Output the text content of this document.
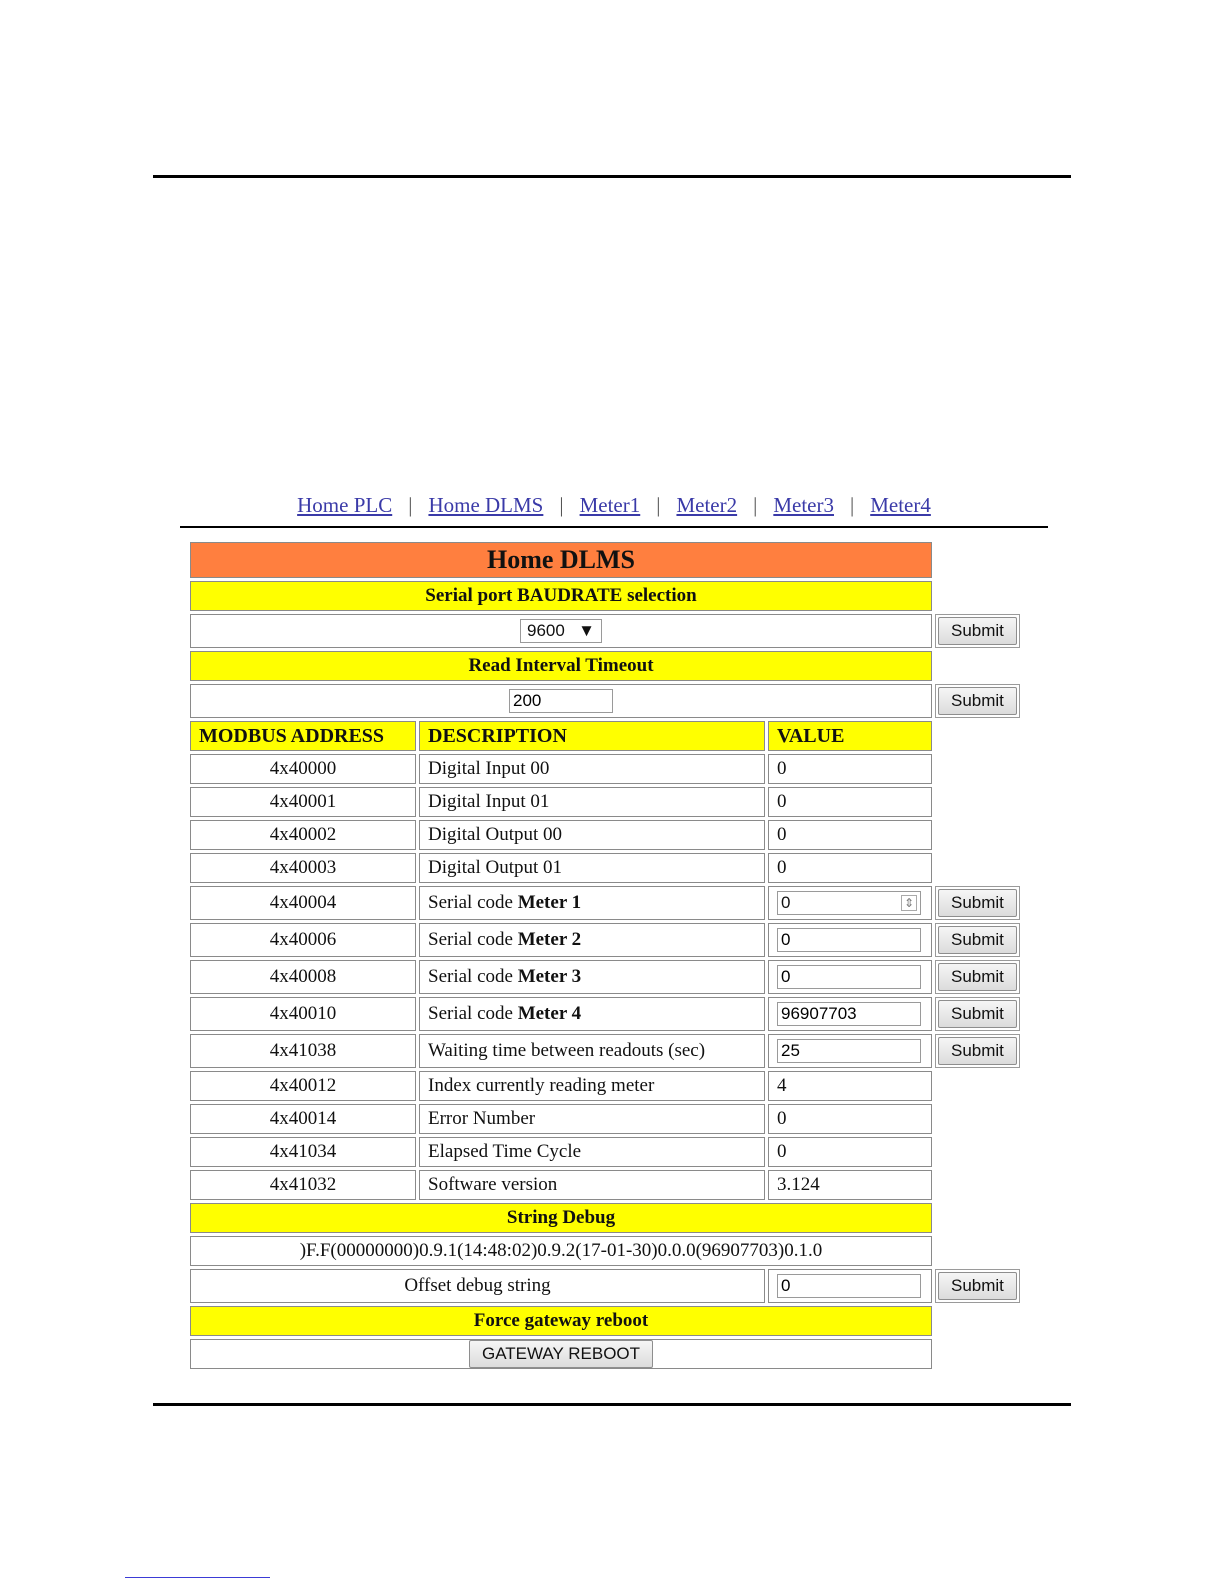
Home PLC | Home DLMS | Meter1 | Meter2 | Meter3 | Meter4
Home DLMS			
Serial port BAUDRATE selection			

9600 ▼			Submit
Read Interval Timeout			
200	Submit
MODBUS ADDRESS	DESCRIPTION	VALUE	
4x40000	Digital Input 00	0	
4x40001	Digital Input 01	0	
4x40002	Digital Output 00	0	
4x40003	Digital Output 01	0	
4x40004	Serial code Meter 1	0 ⇕	Submit
4x40006	Serial code Meter 2	0	Submit
4x40008	Serial code Meter 3	0	Submit
4x40010	Serial code Meter 4	96907703	Submit
4x41038	Waiting time between readouts (sec)	25	Submit
4x40012	Index currently reading meter	4	
4x40014	Error Number	0	
4x41034	Elapsed Time Cycle	0	
4x41032	Software version	3.124	
String Debug			
)F.F(00000000)0.9.1(14:48:02)0.9.2(17-01-30)0.0.0(96907703)0.1.0			
Offset debug string	0		Submit
Force gateway reboot			
GATEWAY REBOOT			
